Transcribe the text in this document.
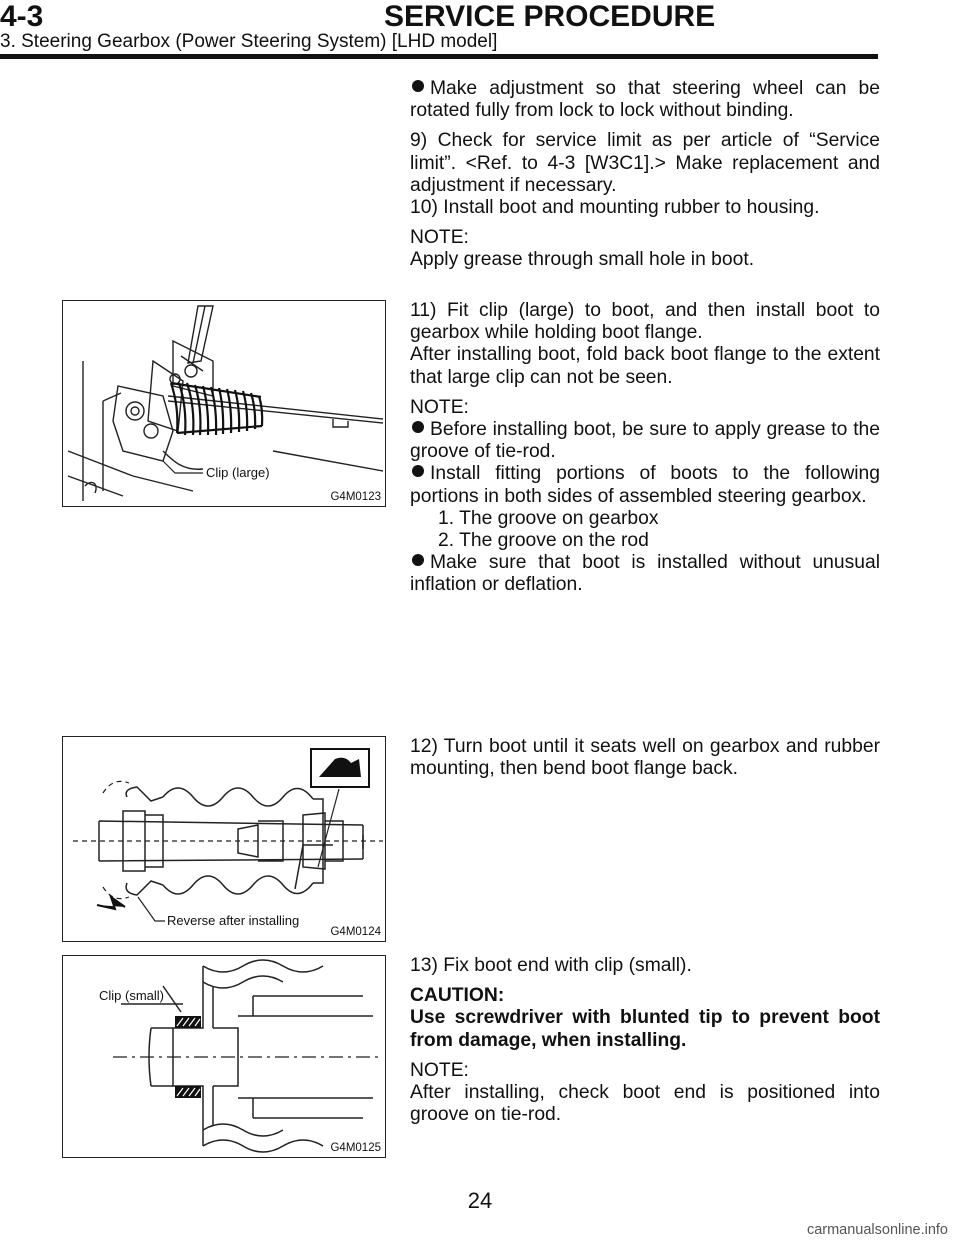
4-3	SERVICE PROCEDURE
3. Steering Gearbox (Power Steering System) [LHD model]

Make adjustment so that steering wheel can be rotated fully from lock to lock without binding.

9) Check for service limit as per article of “Service limit”. <Ref. to 4-3 [W3C1].> Make replacement and adjustment if necessary.

10) Install boot and mounting rubber to housing.

NOTE:

Apply grease through small hole in boot.

11) Fit clip (large) to boot, and then install boot to gearbox while holding boot flange.

After installing boot, fold back boot flange to the extent that large clip can not be seen.

NOTE:

Before installing boot, be sure to apply grease to the groove of tie-rod.

Install fitting portions of boots to the following portions in both sides of assembled steering gearbox.

1. The groove on gearbox

2. The groove on the rod

Make sure that boot is installed without unusual inflation or deflation.

12) Turn boot until it seats well on gearbox and rubber mounting, then bend boot flange back.

13) Fix boot end with clip (small).

CAUTION:

Use screwdriver with blunted tip to prevent boot from damage, when installing.

NOTE:

After installing, check boot end is positioned into groove on tie-rod.

Clip (large)
G4M0123
Reverse after installing
G4M0124
Clip (small)
G4M0125
24
carmanualsonline.info
